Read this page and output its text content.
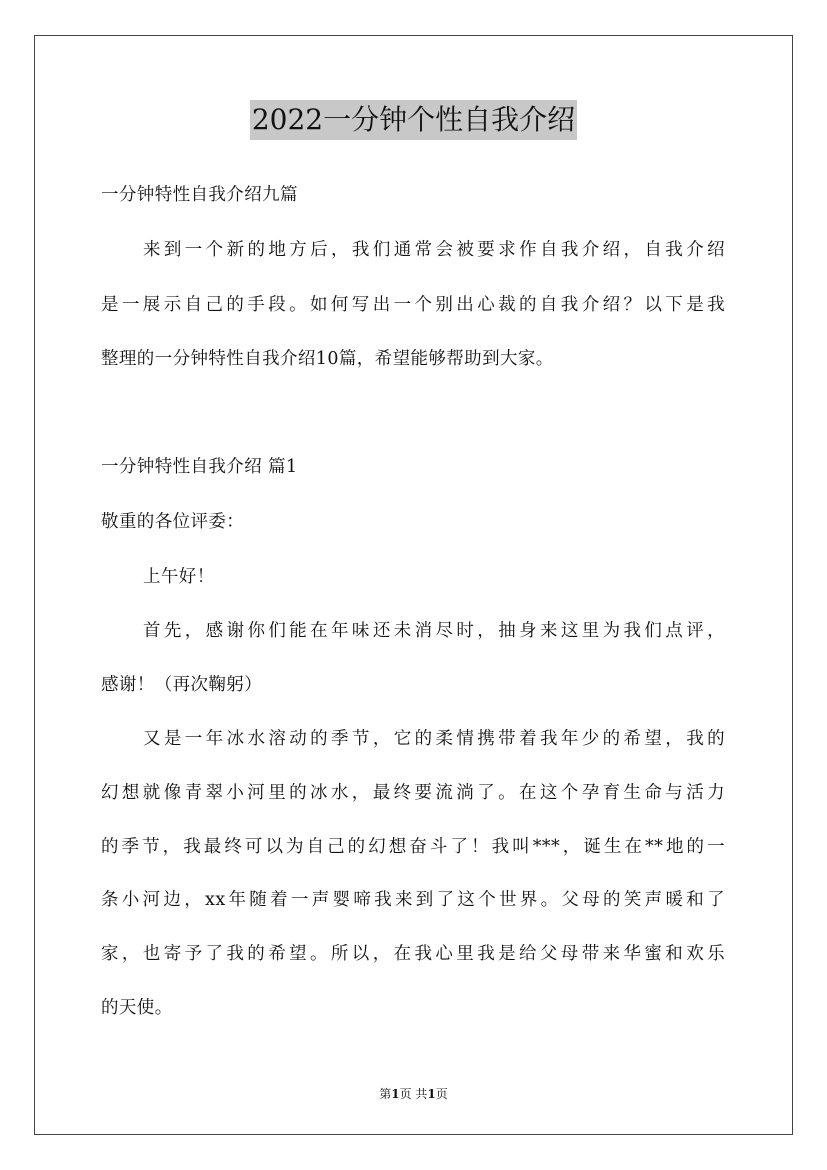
2022一分钟个性自我介绍
一分钟特性自我介绍九篇
来到一个新的地方后，我们通常会被要求作自我介绍，自我介绍
是一展示自己的手段。如何写出一个别出心裁的自我介绍？以下是我
整理的一分钟特性自我介绍10篇，希望能够帮助到大家。
一分钟特性自我介绍 篇1
敬重的各位评委：
上午好！
首先，感谢你们能在年味还未消尽时，抽身来这里为我们点评，
感谢！（再次鞠躬）
又是一年冰水溶动的季节，它的柔情携带着我年少的希望，我的
幻想就像青翠小河里的冰水，最终要流淌了。在这个孕育生命与活力
的季节，我最终可以为自己的幻想奋斗了！我叫***，诞生在**地的一
条小河边，xx年随着一声婴啼我来到了这个世界。父母的笑声暖和了
家，也寄予了我的希望。所以，在我心里我是给父母带来华蜜和欢乐
的天使。
第1页 共1页
